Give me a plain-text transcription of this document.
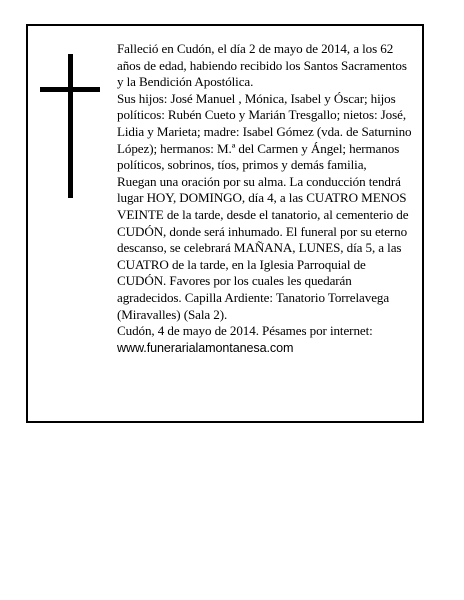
Falleció en Cudón, el día 2 de mayo de 2014, a los 62 años de edad, habiendo recibido los Santos Sacramentos y la Bendición Apostólica.

Sus hijos: José Manuel , Mónica, Isabel y Óscar; hijos políticos: Rubén Cueto y Marián Tresgallo; nietos: José, Lidia y Marieta; madre: Isabel Gómez (vda. de Saturnino López); hermanos: M.ª del Carmen y Ángel; hermanos políticos, sobrinos, tíos, primos y demás familia,

Ruegan una oración por su alma. La conducción tendrá lugar HOY, DOMINGO, día 4, a las CUATRO MENOS VEINTE de la tarde, desde el tanatorio, al cementerio de CUDÓN, donde será inhumado. El funeral por su eterno descanso, se celebrará MAÑANA, LUNES, día 5, a las CUATRO de la tarde, en la Iglesia Parroquial de CUDÓN. Favores por los cuales les quedarán agradecidos. Capilla Ardiente: Tanatorio Torrelavega (Miravalles) (Sala 2).

Cudón, 4 de mayo de 2014. Pésames por internet:

www.funerarialamontanesa.com
